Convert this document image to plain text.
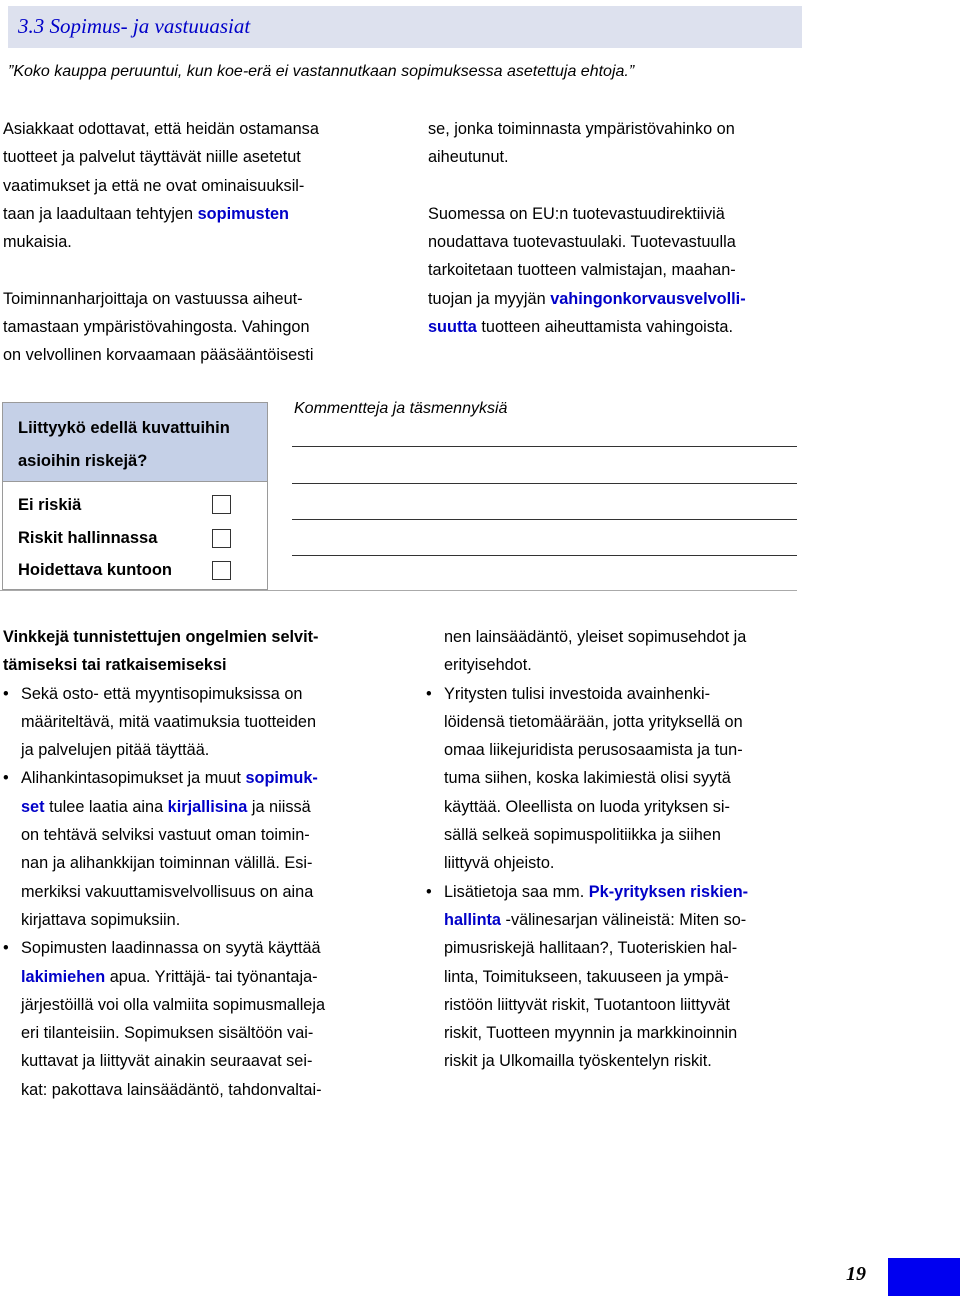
3.3 Sopimus- ja vastuuasiat
”Koko kauppa peruuntui, kun koe-erä ei vastannutkaan sopimuksessa asetettuja ehtoja.”

Asiakkaat odottavat, että heidän ostamansa

tuotteet ja palvelut täyttävät niille asetetut

vaatimukset ja että ne ovat ominaisuuksil-

taan ja laadultaan tehtyjen sopimusten

mukaisia.

Toiminnanharjoittaja on vastuussa aiheut-

tamastaan ympäristövahingosta. Vahingon

on velvollinen korvaamaan pääsääntöisesti

se, jonka toiminnasta ympäristövahinko on

aiheutunut.

Suomessa on EU:n tuotevastuudirektiiviä

noudattava tuotevastuulaki. Tuotevastuulla

tarkoitetaan tuotteen valmistajan, maahan-

tuojan ja myyjän vahingonkorvausvelvolli-

suutta tuotteen aiheuttamista vahingoista.

Liittyykö edellä kuvattuihin
asioihin riskejä?
Ei riskiä
Riskit hallinnassa
Hoidettava kuntoon
Kommentteja ja täsmennyksiä
Vinkkejä tunnistettujen ongelmien selvit-
tämiseksi tai ratkaisemiseksi
• Sekä osto- että myyntisopimuksissa on
määriteltävä, mitä vaatimuksia tuotteiden
ja palvelujen pitää täyttää.
• Alihankintasopimukset ja muut sopimuk-
set tulee laatia aina kirjallisina ja niissä
on tehtävä selviksi vastuut oman toimin-
nan ja alihankkijan toiminnan välillä. Esi-
merkiksi vakuuttamisvelvollisuus on aina
kirjattava sopimuksiin.
• Sopimusten laadinnassa on syytä käyttää
lakimiehen apua. Yrittäjä- tai työnantaja-
järjestöillä voi olla valmiita sopimusmalleja
eri tilanteisiin. Sopimuksen sisältöön vai-
kuttavat ja liittyvät ainakin seuraavat sei-
kat: pakottava lainsäädäntö, tahdonvaltai-
nen lainsäädäntö, yleiset sopimusehdot ja
erityisehdot.
• Yritysten tulisi investoida avainhenki-
löidensä tietomäärään, jotta yrityksellä on
omaa liikejuridista perusosaamista ja tun-
tuma siihen, koska lakimiestä olisi syytä
käyttää. Oleellista on luoda yrityksen si-
sällä selkeä sopimuspolitiikka ja siihen
liittyvä ohjeisto.
• Lisätietoja saa mm. Pk-yrityksen riskien-
hallinta -välinesarjan välineistä: Miten so-
pimusriskejä hallitaan?, Tuoteriskien hal-
linta, Toimitukseen, takuuseen ja ympä-
ristöön liittyvät riskit, Tuotantoon liittyvät
riskit, Tuotteen myynnin ja markkinoinnin
riskit ja Ulkomailla työskentelyn riskit.
19
